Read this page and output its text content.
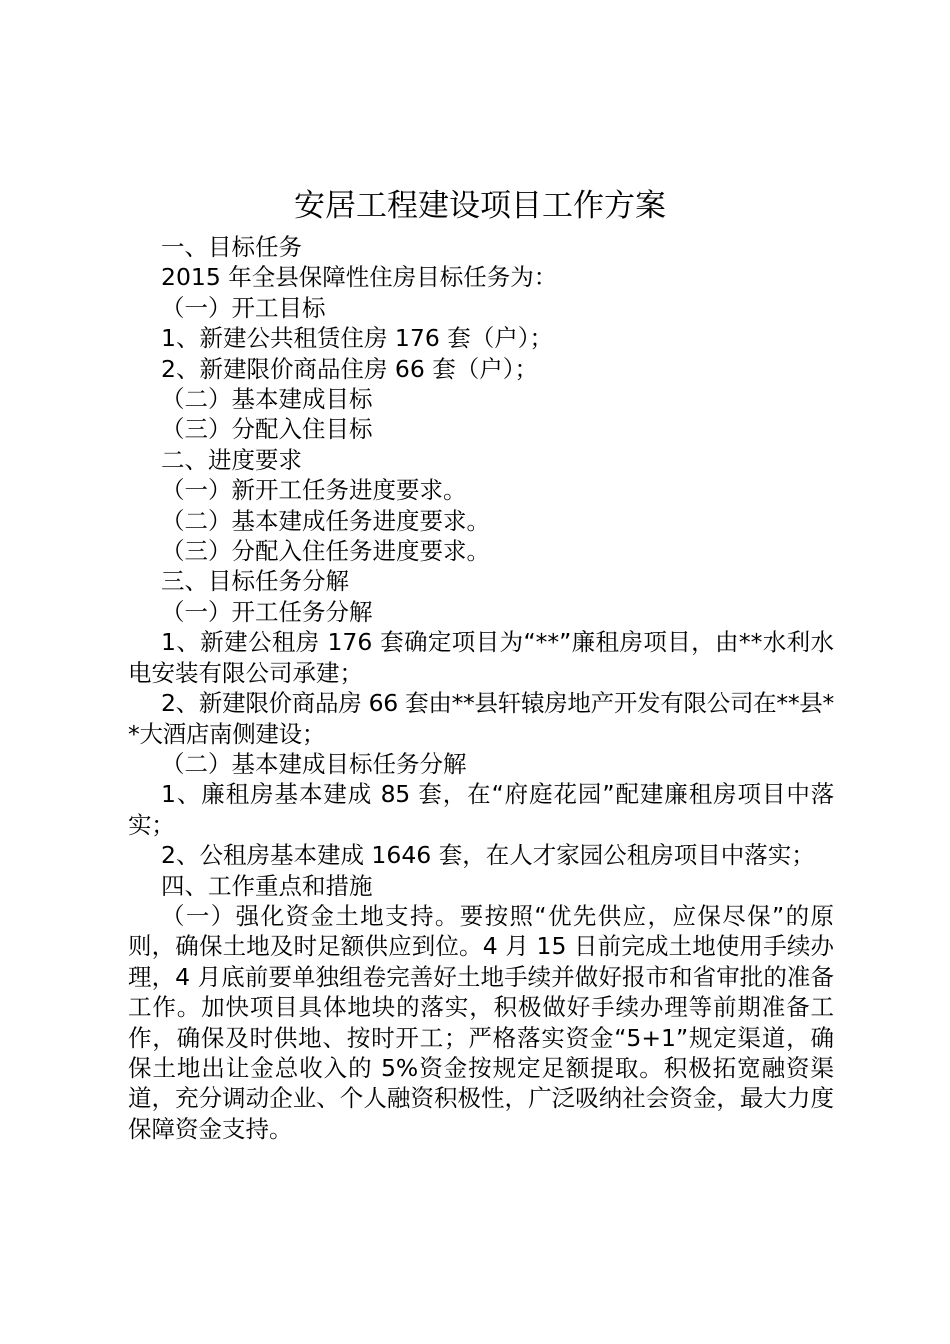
安居工程建设项目工作方案

一、目标任务

2015 年全县保障性住房目标任务为：

（一）开工目标

1、新建公共租赁住房 176 套（户）；

2、新建限价商品住房 66 套（户）；

（二）基本建成目标

（三）分配入住目标

二、进度要求

（一）新开工任务进度要求。

（二）基本建成任务进度要求。

（三）分配入住任务进度要求。

三、目标任务分解

（一）开工任务分解

1、新建公租房 176 套确定项目为“**”廉租房项目，由**水利水电安装有限公司承建；

2、新建限价商品房 66 套由**县轩辕房地产开发有限公司在**县**大酒店南侧建设；

（二）基本建成目标任务分解

1、廉租房基本建成 85 套，在“府庭花园”配建廉租房项目中落实；

2、公租房基本建成 1646 套，在人才家园公租房项目中落实；

四、工作重点和措施

（一）强化资金土地支持。要按照“优先供应，应保尽保”的原则，确保土地及时足额供应到位。4 月 15 日前完成土地使用手续办理，4 月底前要单独组卷完善好土地手续并做好报市和省审批的准备工作。加快项目具体地块的落实，积极做好手续办理等前期准备工作，确保及时供地、按时开工；严格落实资金“5+1”规定渠道，确保土地出让金总收入的 5%资金按规定足额提取。积极拓宽融资渠道，充分调动企业、个人融资积极性，广泛吸纳社会资金，最大力度保障资金支持。
